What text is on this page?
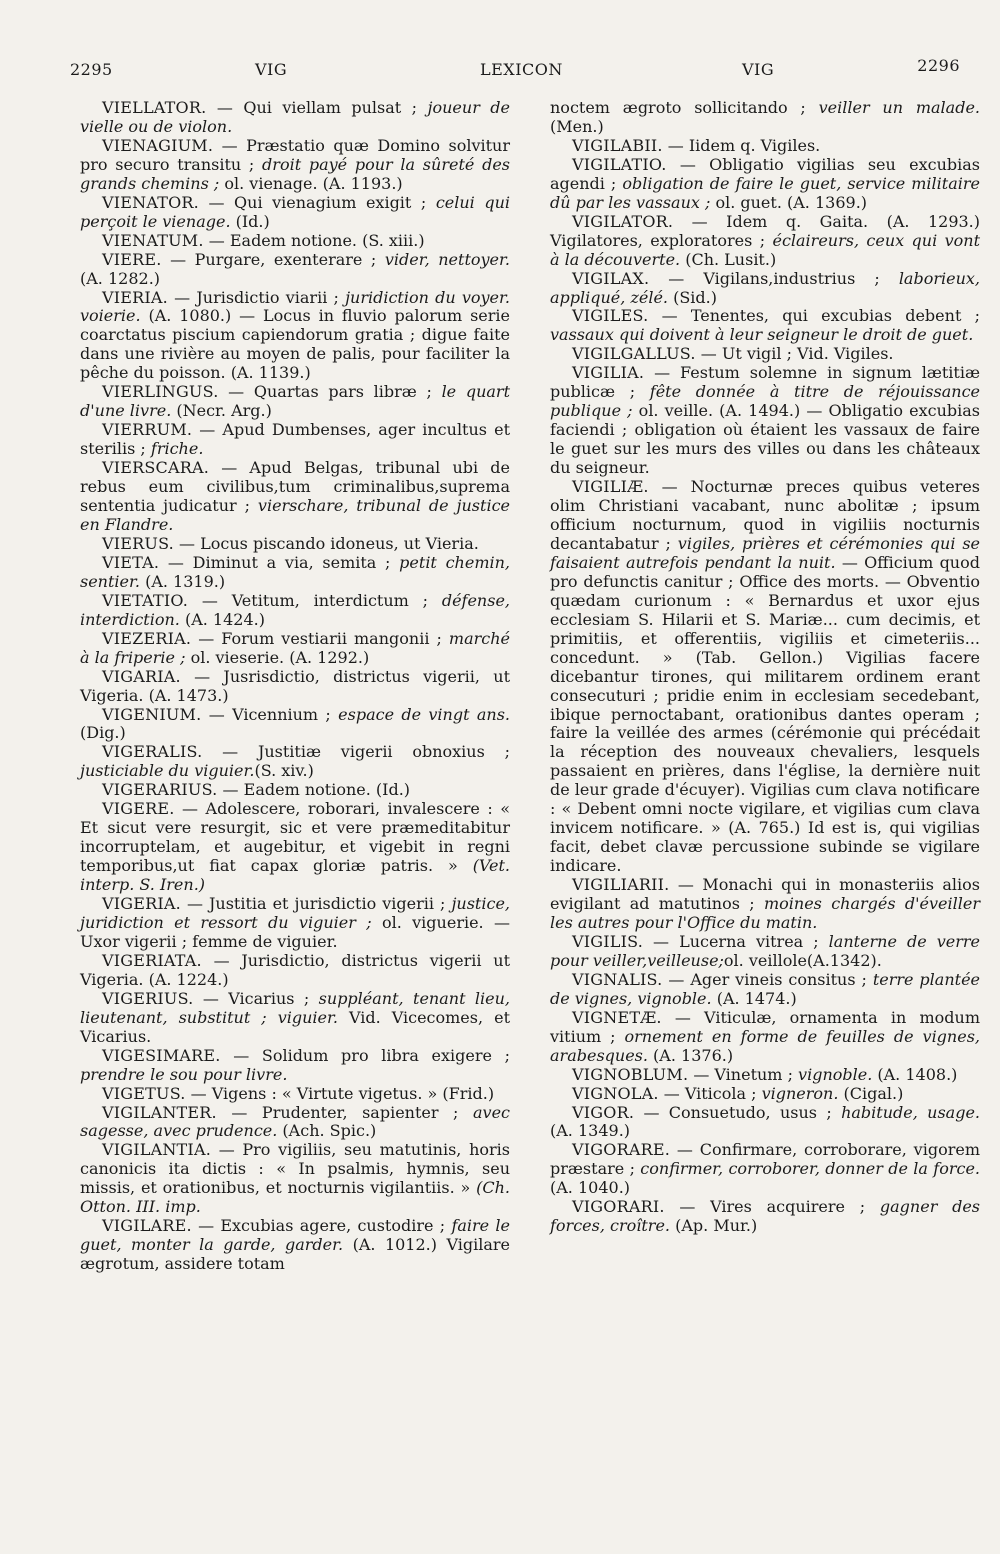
2295	VIG	LEXICON	VIG	2296

VIELLATOR. — Qui viellam pulsat ; joueur de vielle ou de violon.

VIENAGIUM. — Præstatio quæ Domino solvitur pro securo transitu ; droit payé pour la sûreté des grands chemins ; ol. vienage. (A. 1193.)

VIENATOR. — Qui vienagium exigit ; celui qui perçoit le vienage. (Id.)

VIENATUM. — Eadem notione. (S. xiii.)

VIERE. — Purgare, exenterare ; vider, nettoyer. (A. 1282.)

VIERIA. — Jurisdictio viarii ; juridiction du voyer. voierie. (A. 1080.) — Locus in fluvio palorum serie coarctatus piscium capiendorum gratia ; digue faite dans une rivière au moyen de palis, pour faciliter la pêche du poisson. (A. 1139.)

VIERLINGUS. — Quartas pars libræ ; le quart d'une livre. (Necr. Arg.)

VIERRUM. — Apud Dumbenses, ager incultus et sterilis ; friche.

VIERSCARA. — Apud Belgas, tribunal ubi de rebus eum civilibus,tum criminalibus,suprema sententia judicatur ; vierschare, tribunal de justice en Flandre.

VIERUS. — Locus piscando idoneus, ut Vieria.

VIETA. — Diminut a via, semita ; petit chemin, sentier. (A. 1319.)

VIETATIO. — Vetitum, interdictum ; défense, interdiction. (A. 1424.)

VIEZERIA. — Forum vestiarii mangonii ; marché à la friperie ; ol. vieserie. (A. 1292.)

VIGARIA. — Jusrisdictio, districtus vigerii, ut Vigeria. (A. 1473.)

VIGENIUM. — Vicennium ; espace de vingt ans. (Dig.)

VIGERALIS. — Justitiæ vigerii obnoxius ; justiciable du viguier.(S. xiv.)

VIGERARIUS. — Eadem notione. (Id.)

VIGERE. — Adolescere, roborari, invalescere : « Et sicut vere resurgit, sic et vere præmeditabitur incorruptelam, et augebitur, et vigebit in regni temporibus,ut fiat capax gloriæ patris. » (Vet. interp. S. Iren.)

VIGERIA. — Justitia et jurisdictio vigerii ; justice, juridiction et ressort du viguier ; ol. viguerie. — Uxor vigerii ; femme de viguier.

VIGERIATA. — Jurisdictio, districtus vigerii ut Vigeria. (A. 1224.)

VIGERIUS. — Vicarius ; suppléant, tenant lieu, lieutenant, substitut ; viguier. Vid. Vicecomes, et Vicarius.

VIGESIMARE. — Solidum pro libra exigere ; prendre le sou pour livre.

VIGETUS. — Vigens : « Virtute vigetus. » (Frid.)

VIGILANTER. — Prudenter, sapienter ; avec sagesse, avec prudence. (Ach. Spic.)

VIGILANTIA. — Pro vigiliis, seu matutinis, horis canonicis ita dictis : « In psalmis, hymnis, seu missis, et orationibus, et nocturnis vigilantiis. » (Ch. Otton. III. imp.

VIGILARE. — Excubias agere, custodire ; faire le guet, monter la garde, garder. (A. 1012.) Vigilare ægrotum, assidere totam

noctem ægroto sollicitando ; veiller un malade. (Men.)

VIGILABII. — Iidem q. Vigiles.

VIGILATIO. — Obligatio vigilias seu excubias agendi ; obligation de faire le guet, service militaire dû par les vassaux ; ol. guet. (A. 1369.)

VIGILATOR. — Idem q. Gaita. (A. 1293.) Vigilatores, exploratores ; éclaireurs, ceux qui vont à la découverte. (Ch. Lusit.)

VIGILAX. — Vigilans,industrius ; laborieux, appliqué, zélé. (Sid.)

VIGILES. — Tenentes, qui excubias debent ; vassaux qui doivent à leur seigneur le droit de guet.

VIGILGALLUS. — Ut vigil ; Vid. Vigiles.

VIGILIA. — Festum solemne in signum lætitiæ publicæ ; fête donnée à titre de réjouissance publique ; ol. veille. (A. 1494.) — Obligatio excubias faciendi ; obligation où étaient les vassaux de faire le guet sur les murs des villes ou dans les châteaux du seigneur.

VIGILIÆ. — Nocturnæ preces quibus veteres olim Christiani vacabant, nunc abolitæ ; ipsum officium nocturnum, quod in vigiliis nocturnis decantabatur ; vigiles, prières et cérémonies qui se faisaient autrefois pendant la nuit. — Officium quod pro defunctis canitur ; Office des morts. — Obventio quædam curionum : « Bernardus et uxor ejus ecclesiam S. Hilarii et S. Mariæ... cum decimis, et primitiis, et offerentiis, vigiliis et cimeteriis... concedunt. » (Tab. Gellon.) Vigilias facere dicebantur tirones, qui militarem ordinem erant consecuturi ; pridie enim in ecclesiam secedebant, ibique pernoctabant, orationibus dantes operam ; faire la veillée des armes (cérémonie qui précédait la réception des nouveaux chevaliers, lesquels passaient en prières, dans l'église, la dernière nuit de leur grade d'écuyer). Vigilias cum clava notificare : « Debent omni nocte vigilare, et vigilias cum clava invicem notificare. » (A. 765.) Id est is, qui vigilias facit, debet clavæ percussione subinde se vigilare indicare.

VIGILIARII. — Monachi qui in monasteriis alios evigilant ad matutinos ; moines chargés d'éveiller les autres pour l'Office du matin.

VIGILIS. — Lucerna vitrea ; lanterne de verre pour veiller,veilleuse;ol. veillole(A.1342).

VIGNALIS. — Ager vineis consitus ; terre plantée de vignes, vignoble. (A. 1474.)

VIGNETÆ. — Viticulæ, ornamenta in modum vitium ; ornement en forme de feuilles de vignes, arabesques. (A. 1376.)

VIGNOBLUM. — Vinetum ; vignoble. (A. 1408.)

VIGNOLA. — Viticola ; vigneron. (Cigal.)

VIGOR. — Consuetudo, usus ; habitude, usage. (A. 1349.)

VIGORARE. — Confirmare, corroborare, vigorem præstare ; confirmer, corroborer, donner de la force. (A. 1040.)

VIGORARI. — Vires acquirere ; gagner des forces, croître. (Ap. Mur.)
